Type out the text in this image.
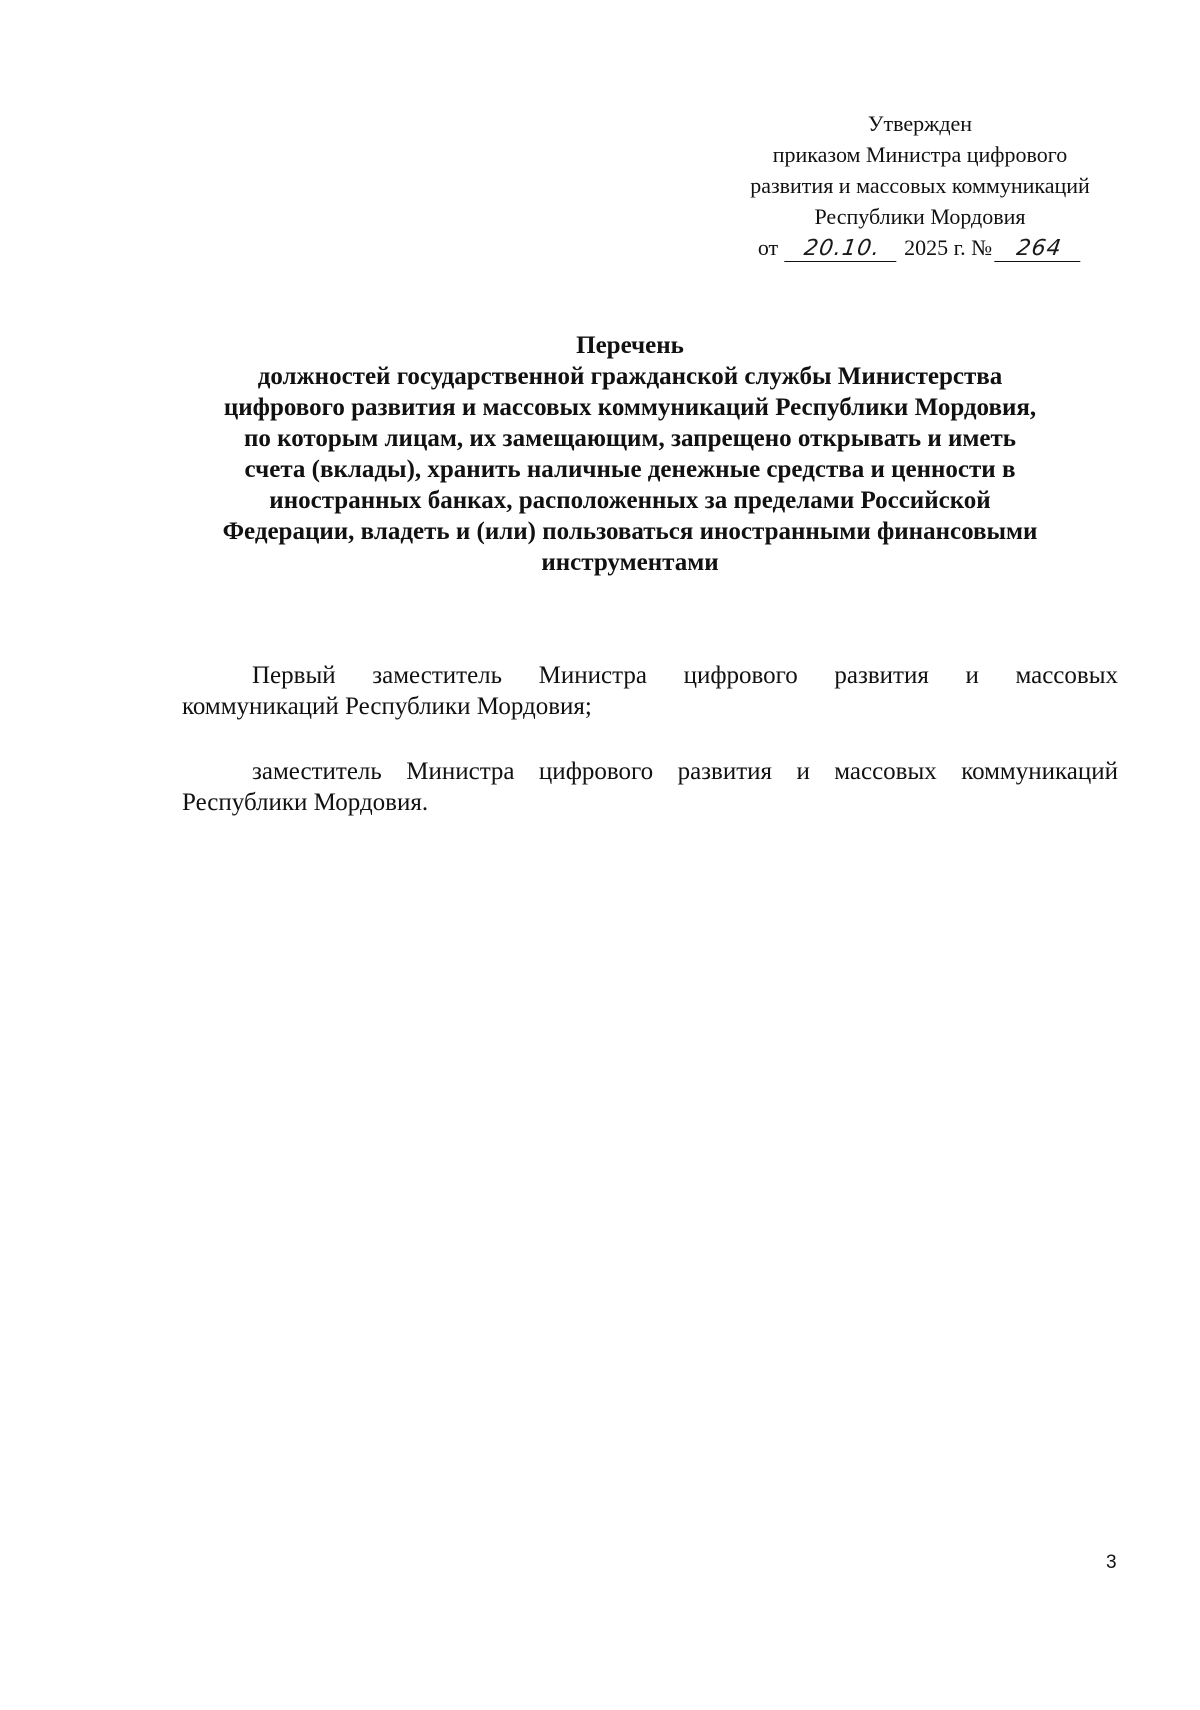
Утвержден
приказом Министра цифрового
развития и массовых коммуникаций
Республики Мордовия
от	20.10.	2025 г. №	264
Перечень
должностей государственной гражданской службы Министерства
цифрового развития и массовых коммуникаций Республики Мордовия,
по которым лицам, их замещающим, запрещено открывать и иметь
счета (вклады), хранить наличные денежные средства и ценности в
иностранных банках, расположенных за пределами Российской
Федерации, владеть и (или) пользоваться иностранными финансовыми
инструментами
Первый заместитель Министра цифрового развития и массовых
коммуникаций Республики Мордовия;
заместитель Министра цифрового развития и массовых коммуникаций
Республики Мордовия.
3
